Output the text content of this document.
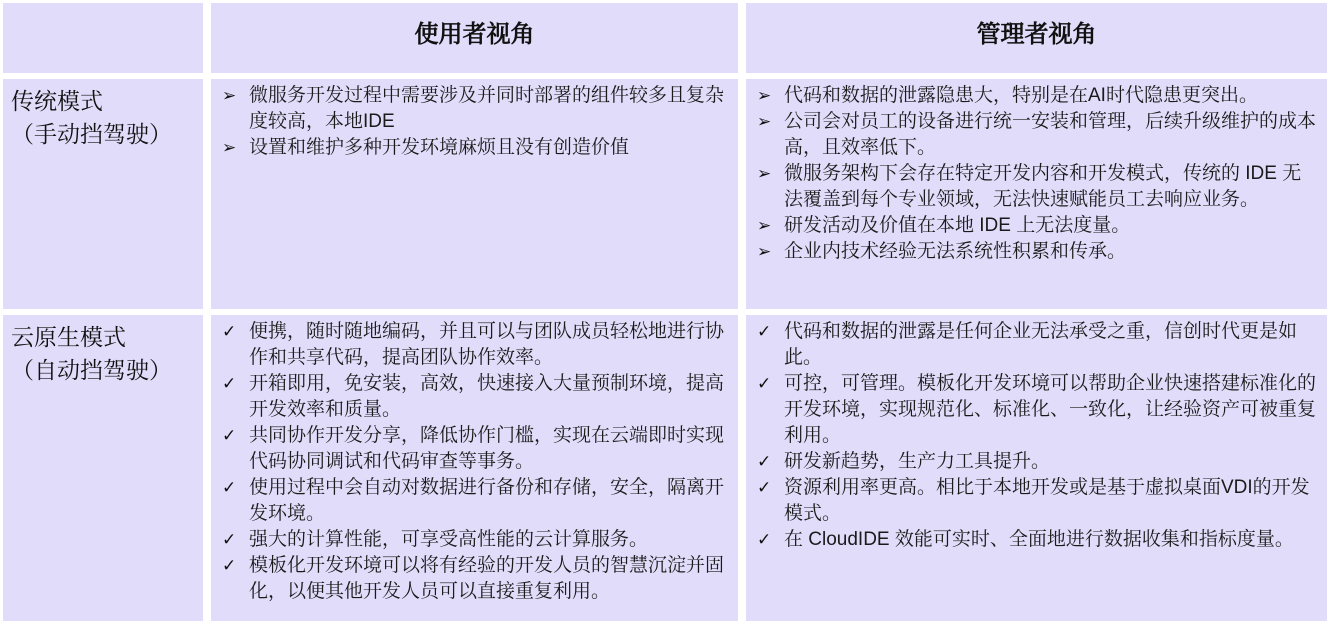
使用者视角	管理者视角
传统模式
（手动挡驾驶）
➢ 微服务开发过程中需要涉及并同时部署的组件较多且复杂度较高，本地IDE
➢ 设置和维护多种开发环境麻烦且没有创造价值
➢ 代码和数据的泄露隐患大，特别是在AI时代隐患更突出。
➢ 公司会对员工的设备进行统一安装和管理，后续升级维护的成本高，且效率低下。
➢ 微服务架构下会存在特定开发内容和开发模式，传统的 IDE 无法覆盖到每个专业领域，无法快速赋能员工去响应业务。
➢ 研发活动及价值在本地 IDE 上无法度量。
➢ 企业内技术经验无法系统性积累和传承。
云原生模式
（自动挡驾驶）
✓ 便携，随时随地编码，并且可以与团队成员轻松地进行协作和共享代码，提高团队协作效率。
✓ 开箱即用，免安装，高效，快速接入大量预制环境，提高开发效率和质量。
✓ 共同协作开发分享，降低协作门槛，实现在云端即时实现代码协同调试和代码审查等事务。
✓ 使用过程中会自动对数据进行备份和存储，安全，隔离开发环境。
✓ 强大的计算性能，可享受高性能的云计算服务。
✓ 模板化开发环境可以将有经验的开发人员的智慧沉淀并固化，以便其他开发人员可以直接重复利用。
✓ 代码和数据的泄露是任何企业无法承受之重，信创时代更是如此。
✓ 可控，可管理。模板化开发环境可以帮助企业快速搭建标准化的开发环境，实现规范化、标准化、一致化，让经验资产可被重复利用。
✓ 研发新趋势，生产力工具提升。
✓ 资源利用率更高。相比于本地开发或是基于虚拟桌面VDI的开发模式。
✓ 在 CloudIDE 效能可实时、全面地进行数据收集和指标度量。
